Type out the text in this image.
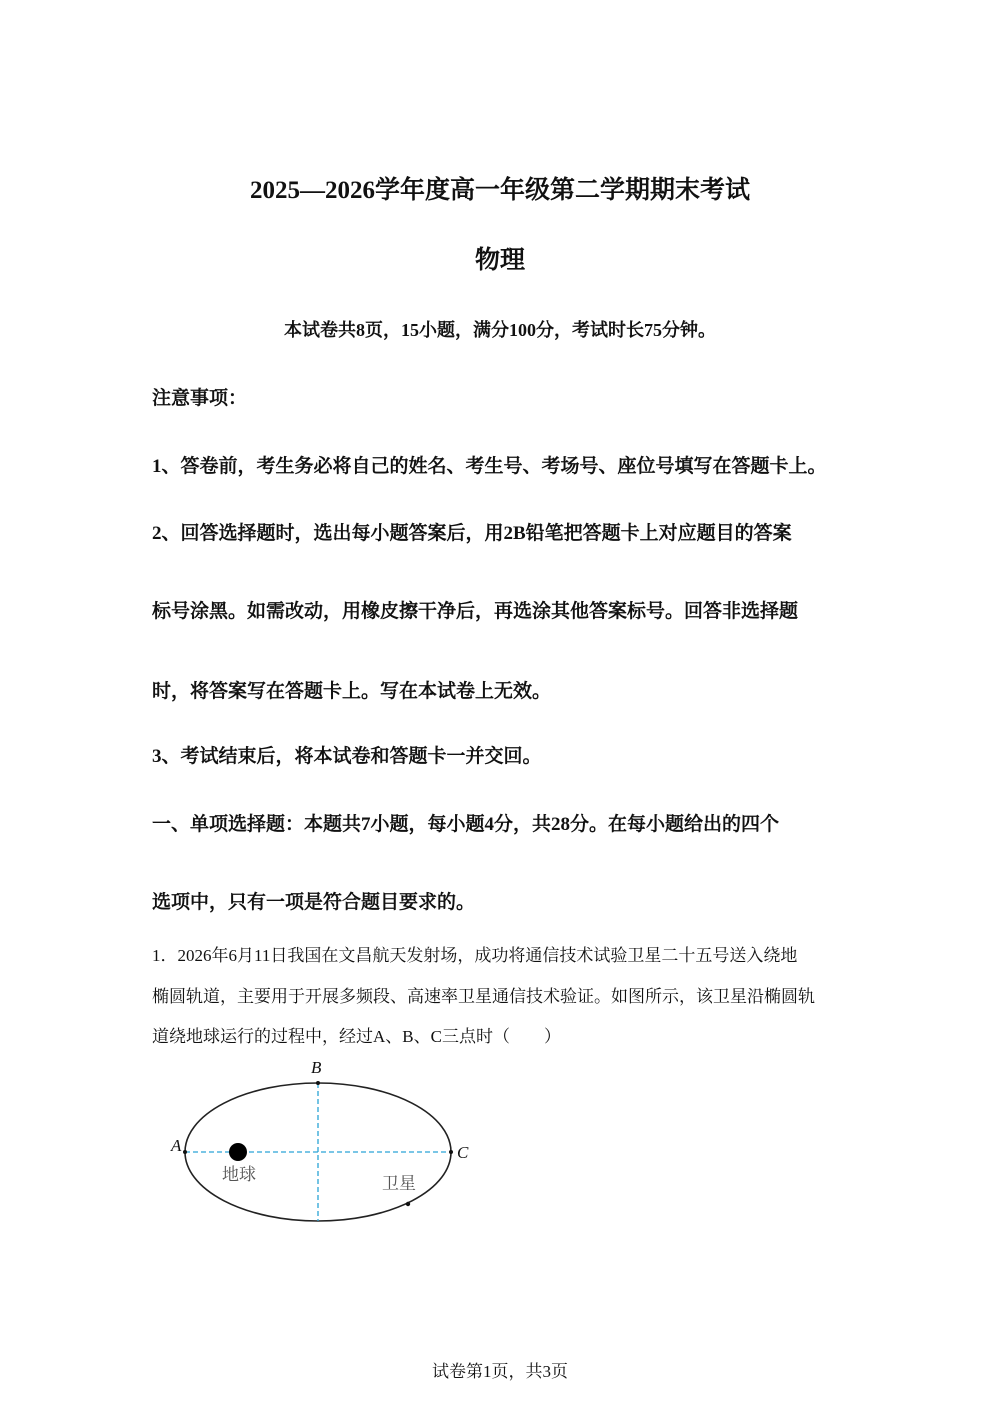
2025—2026学年度高一年级第二学期期末考试
物理
本试卷共8页，15小题，满分100分，考试时长75分钟。
注意事项：
1、答卷前，考生务必将自己的姓名、考生号、考场号、座位号填写在答题卡上。
2、回答选择题时，选出每小题答案后，用2B铅笔把答题卡上对应题目的答案
标号涂黑。如需改动，用橡皮擦干净后，再选涂其他答案标号。回答非选择题
时，将答案写在答题卡上。写在本试卷上无效。
3、考试结束后，将本试卷和答题卡一并交回。
一、单项选择题：本题共7小题，每小题4分，共28分。在每小题给出的四个
选项中，只有一项是符合题目要求的。
1．2026年6月11日我国在文昌航天发射场，成功将通信技术试验卫星二十五号送入绕地
椭圆轨道，主要用于开展多频段、高速率卫星通信技术验证。如图所示，该卫星沿椭圆轨
道绕地球运行的过程中，经过A、B、C三点时（　　）
A
B
C
地球	卫星
试卷第1页，共3页
